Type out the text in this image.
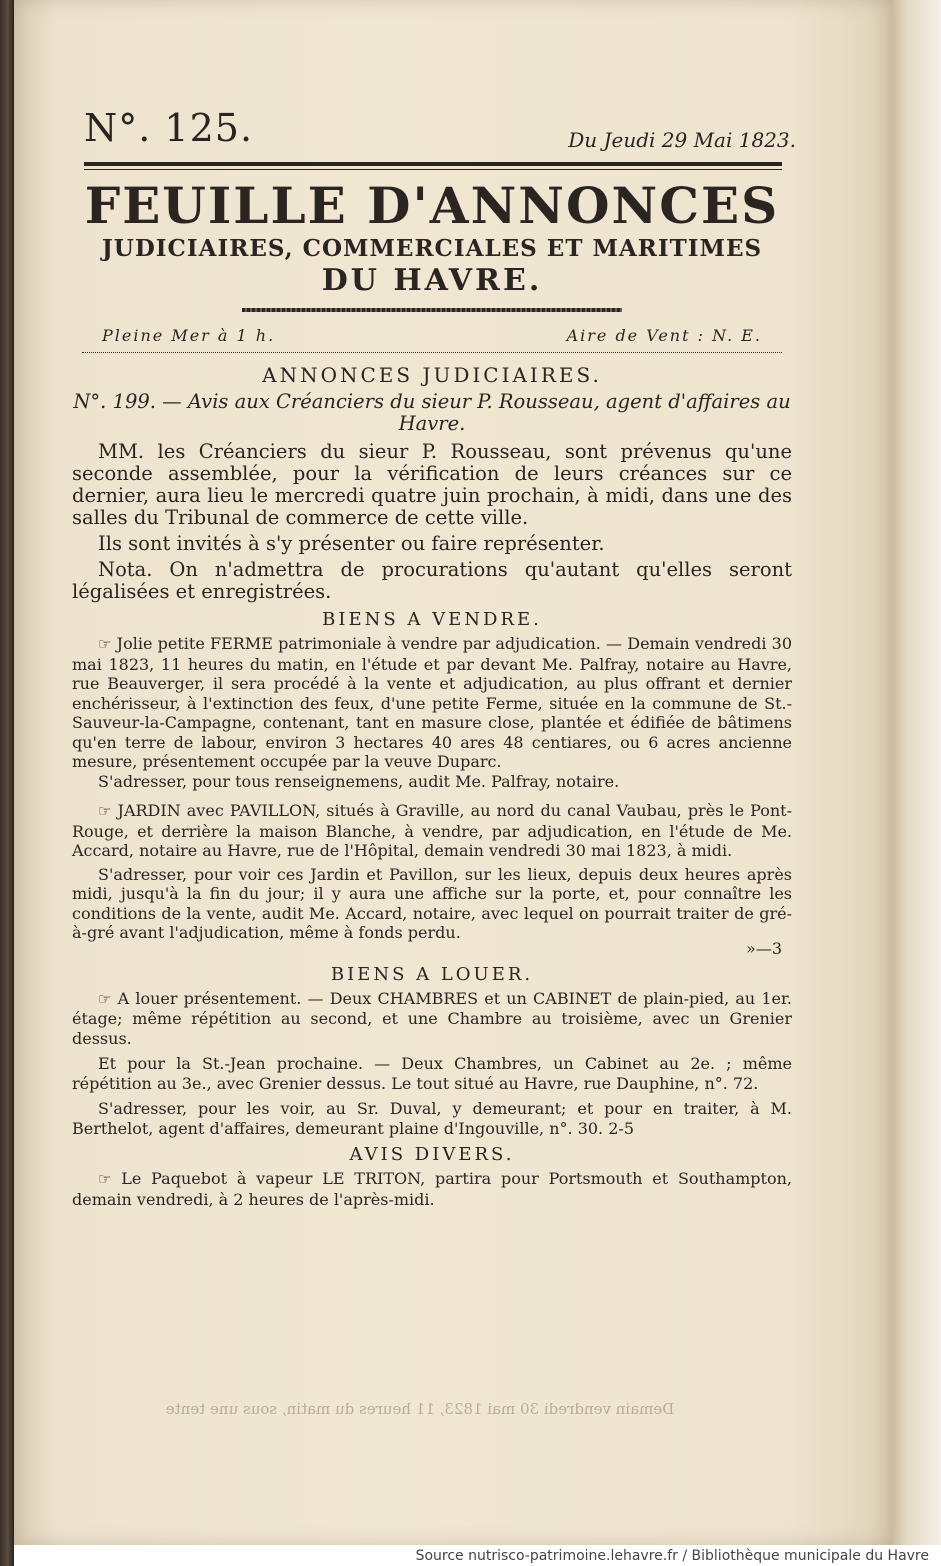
N°. 125.	Du Jeudi 29 Mai 1823.
FEUILLE D'ANNONCES
JUDICIAIRES, COMMERCIALES ET MARITIMES
DU HAVRE.
Pleine Mer à 1 h.	Aire de Vent : N. E.
ANNONCES JUDICIAIRES.

N°. 199. — Avis aux Créanciers du sieur P. Rousseau, agent d'affaires au Havre.

MM. les Créanciers du sieur P. Rousseau, sont prévenus qu'une seconde assemblée, pour la vérification de leurs créances sur ce dernier, aura lieu le mercredi quatre juin prochain, à midi, dans une des salles du Tribunal de commerce de cette ville.

Ils sont invités à s'y présenter ou faire représenter.

Nota. On n'admettra de procurations qu'autant qu'elles seront légalisées et enregistrées.

BIENS A VENDRE.

☞ Jolie petite FERME patrimoniale à vendre par adjudication. — Demain vendredi 30 mai 1823, 11 heures du matin, en l'étude et par devant Me. Palfray, notaire au Havre, rue Beauverger, il sera procédé à la vente et adjudication, au plus offrant et dernier enchérisseur, à l'extinction des feux, d'une petite Ferme, située en la commune de St.-Sauveur-la-Campagne, contenant, tant en masure close, plantée et édifiée de bâtimens qu'en terre de labour, environ 3 hectares 40 ares 48 centiares, ou 6 acres ancienne mesure, présentement occupée par la veuve Duparc.

S'adresser, pour tous renseignemens, audit Me. Palfray, notaire.

☞ JARDIN avec PAVILLON, situés à Graville, au nord du canal Vaubau, près le Pont-Rouge, et derrière la maison Blanche, à vendre, par adjudication, en l'étude de Me. Accard, notaire au Havre, rue de l'Hôpital, demain vendredi 30 mai 1823, à midi.

S'adresser, pour voir ces Jardin et Pavillon, sur les lieux, depuis deux heures après midi, jusqu'à la fin du jour; il y aura une affiche sur la porte, et, pour connaître les conditions de la vente, audit Me. Accard, notaire, avec lequel on pourrait traiter de gré-à-gré avant l'adjudication, même à fonds perdu.

»—3
BIENS A LOUER.

☞ A louer présentement. — Deux CHAMBRES et un CABINET de plain-pied, au 1er. étage; même répétition au second, et une Chambre au troisième, avec un Grenier dessus.

Et pour la St.-Jean prochaine. — Deux Chambres, un Cabinet au 2e. ; même répétition au 3e., avec Grenier dessus. Le tout situé au Havre, rue Dauphine, n°. 72.

S'adresser, pour les voir, au Sr. Duval, y demeurant; et pour en traiter, à M. Berthelot, agent d'affaires, demeurant plaine d'Ingouville, n°. 30. 2-5

AVIS DIVERS.

☞ Le Paquebot à vapeur LE TRITON, partira pour Portsmouth et Southampton, demain vendredi, à 2 heures de l'après-midi.

Demain vendredi 30 mai 1823, 11 heures du matin, sous une tente
Source nutrisco-patrimoine.lehavre.fr / Bibliothèque municipale du Havre
